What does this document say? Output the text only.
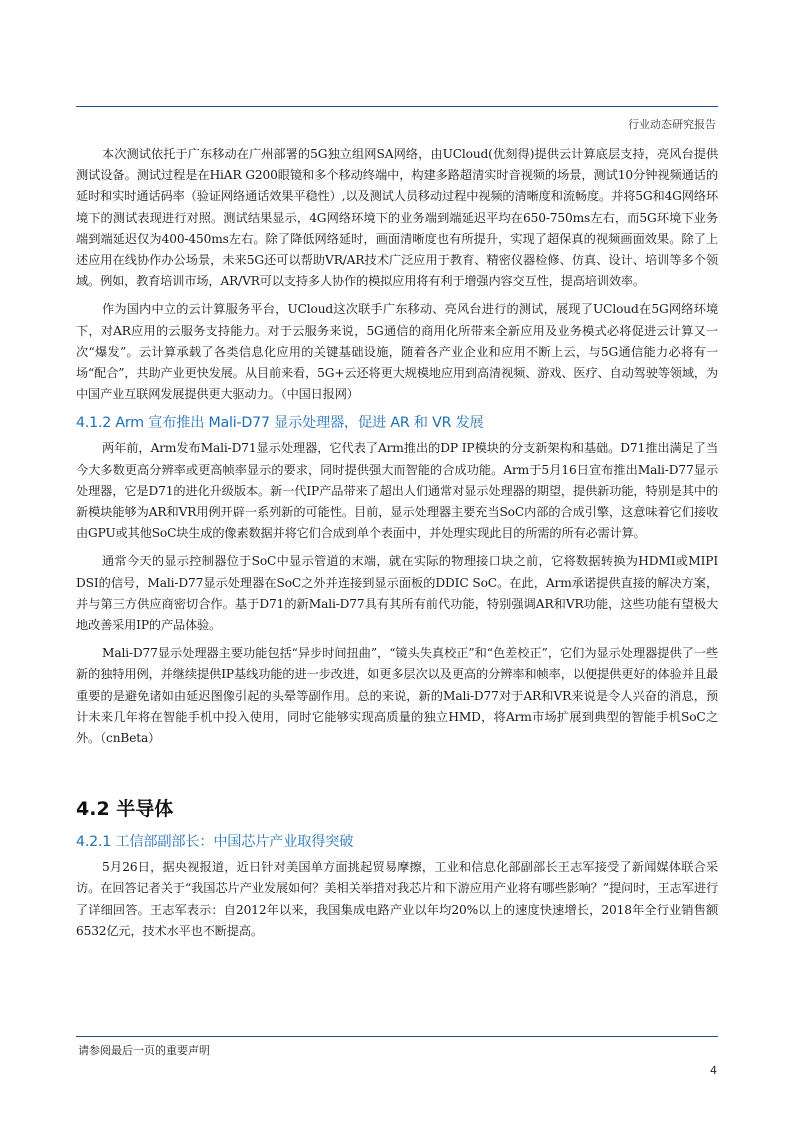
行业动态研究报告

本次测试依托于广东移动在广州部署的5G独立组网SA网络，由UCloud(优刻得)提供云计算底层支持，亮风台提供测试设备。测试过程是在HiAR G200眼镜和多个移动终端中，构建多路超清实时音视频的场景，测试10分钟视频通话的延时和实时通话码率（验证网络通话效果平稳性）,以及测试人员移动过程中视频的清晰度和流畅度。并将5G和4G网络环境下的测试表现进行对照。测试结果显示，4G网络环境下的业务端到端延迟平均在650-750ms左右，而5G环境下业务端到端延迟仅为400-450ms左右。除了降低网络延时，画面清晰度也有所提升，实现了超保真的视频画面效果。除了上述应用在线协作办公场景，未来5G还可以帮助VR/AR技术广泛应用于教育、精密仪器检修、仿真、设计、培训等多个领域。例如，教育培训市场，AR/VR可以支持多人协作的模拟应用将有利于增强内容交互性，提高培训效率。

作为国内中立的云计算服务平台，UCloud这次联手广东移动、亮风台进行的测试，展现了UCloud在5G网络环境下，对AR应用的云服务支持能力。对于云服务来说，5G通信的商用化所带来全新应用及业务模式必将促进云计算又一次“爆发”。云计算承载了各类信息化应用的关键基础设施，随着各产业企业和应用不断上云，与5G通信能力必将有一场“配合”，共助产业更快发展。从目前来看，5G+云还将更大规模地应用到高清视频、游戏、医疗、自动驾驶等领域，为中国产业互联网发展提供更大驱动力。（中国日报网）

4.1.2 Arm 宣布推出 Mali-D77 显示处理器，促进 AR 和 VR 发展

两年前，Arm发布Mali-D71显示处理器，它代表了Arm推出的DP IP模块的分支新架构和基础。D71推出满足了当今大多数更高分辨率或更高帧率显示的要求，同时提供强大而智能的合成功能。Arm于5月16日宣布推出Mali-D77显示处理器，它是D71的进化升级版本。新一代IP产品带来了超出人们通常对显示处理器的期望，提供新功能，特别是其中的新模块能够为AR和VR用例开辟一系列新的可能性。目前，显示处理器主要充当SoC内部的合成引擎，这意味着它们接收由GPU或其他SoC块生成的像素数据并将它们合成到单个表面中，并处理实现此目的所需的所有必需计算。

通常今天的显示控制器位于SoC中显示管道的末端，就在实际的物理接口块之前，它将数据转换为HDMI或MIPI DSI的信号，Mali-D77显示处理器在SoC之外并连接到显示面板的DDIC SoC。在此，Arm承诺提供直接的解决方案，并与第三方供应商密切合作。基于D71的新Mali-D77具有其所有前代功能，特别强调AR和VR功能，这些功能有望极大地改善采用IP的产品体验。

Mali-D77显示处理器主要功能包括“异步时间扭曲”，“镜头失真校正”和“色差校正”，它们为显示处理器提供了一些新的独特用例，并继续提供IP基线功能的进一步改进，如更多层次以及更高的分辨率和帧率，以便提供更好的体验并且最重要的是避免诸如由延迟图像引起的头晕等副作用。总的来说，新的Mali-D77对于AR和VR来说是令人兴奋的消息，预计未来几年将在智能手机中投入使用，同时它能够实现高质量的独立HMD，将Arm市场扩展到典型的智能手机SoC之外。（cnBeta）

4.2 半导体
4.2.1 工信部副部长：中国芯片产业取得突破

5月26日，据央视报道，近日针对美国单方面挑起贸易摩擦，工业和信息化部副部长王志军接受了新闻媒体联合采访。在回答记者关于“我国芯片产业发展如何？美相关举措对我芯片和下游应用产业将有哪些影响？”提问时，王志军进行了详细回答。王志军表示：自2012年以来，我国集成电路产业以年均20%以上的速度快速增长，2018年全行业销售额6532亿元，技术水平也不断提高。

请参阅最后一页的重要声明
4
